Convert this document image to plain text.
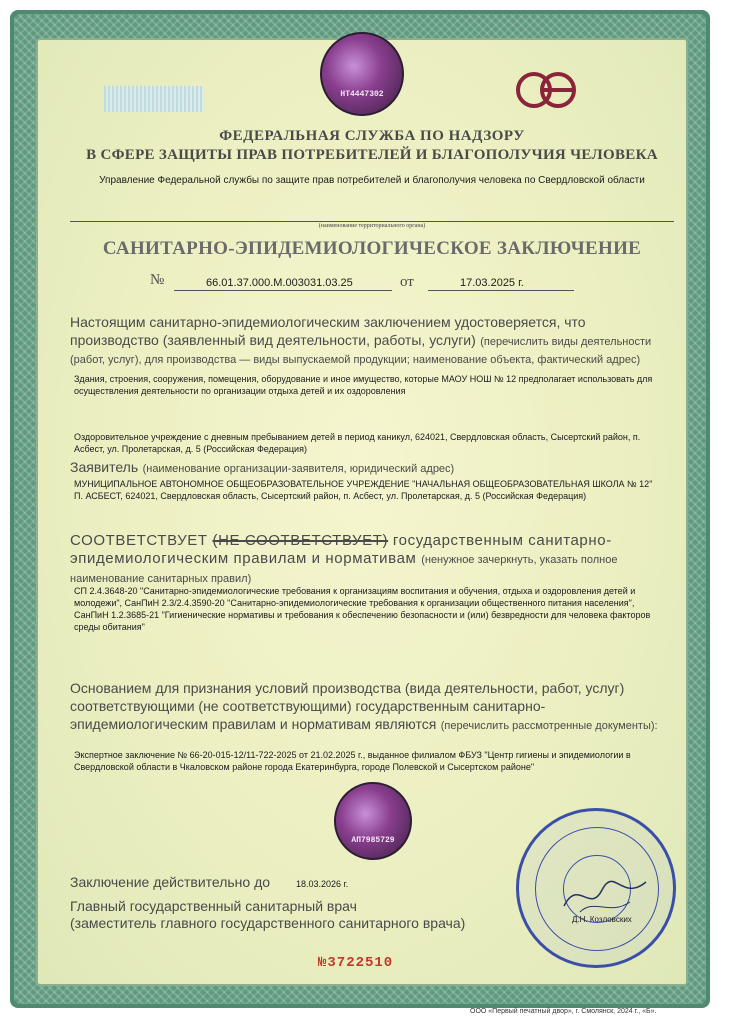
НТ4447302
ФЕДЕРАЛЬНАЯ СЛУЖБА ПО НАДЗОРУ
В СФЕРЕ ЗАЩИТЫ ПРАВ ПОТРЕБИТЕЛЕЙ И БЛАГОПОЛУЧИЯ ЧЕЛОВЕКА
Управление Федеральной службы по защите прав потребителей и благополучия человека по Свердловской области
(наименование территориального органа)
САНИТАРНО-ЭПИДЕМИОЛОГИЧЕСКОЕ ЗАКЛЮЧЕНИЕ
№	66.01.37.000.М.003031.03.25	от	17.03.2025 г.
Настоящим санитарно-эпидемиологическим заключением удостоверяется, что производство (заявленный вид деятельности, работы, услуги) (перечислить виды деятельности (работ, услуг), для производства — виды выпускаемой продукции; наименование объекта, фактический адрес)
Здания, строения, сооружения, помещения, оборудование и иное имущество, которые МАОУ НОШ № 12 предполагает использовать для осуществления деятельности по организации отдыха детей и их оздоровления
Оздоровительное учреждение с дневным пребыванием детей в период каникул, 624021, Свердловская область, Сысертский район, п. Асбест, ул. Пролетарская, д. 5 (Российская Федерация)
Заявитель (наименование организации-заявителя, юридический адрес)
МУНИЦИПАЛЬНОЕ АВТОНОМНОЕ ОБЩЕОБРАЗОВАТЕЛЬНОЕ УЧРЕЖДЕНИЕ "НАЧАЛЬНАЯ ОБЩЕОБРАЗОВАТЕЛЬНАЯ ШКОЛА № 12" П. АСБЕСТ, 624021, Свердловская область, Сысертский район, п. Асбест, ул. Пролетарская, д. 5 (Российская Федерация)
СООТВЕТСТВУЕТ (НЕ СООТВЕТСТВУЕТ) государственным санитарно-эпидемиологическим правилам и нормативам (ненужное зачеркнуть, указать полное наименование санитарных правил)
СП 2.4.3648-20 "Санитарно-эпидемиологические требования к организациям воспитания и обучения, отдыха и оздоровления детей и молодежи", СанПиН 2.3/2.4.3590-20 "Санитарно-эпидемиологические требования к организации общественного питания населения", СанПиН 1.2.3685-21 "Гигиенические нормативы и требования к обеспечению безопасности и (или) безвредности для человека факторов среды обитания"
АП7985729
Основанием для признания условий производства (вида деятельности, работ, услуг) соответствующими (не соответствующими) государственным санитарно-эпидемиологическим правилам и нормативам являются (перечислить рассмотренные документы):
Экспертное заключение № 66-20-015-12/11-722-2025 от 21.02.2025 г., выданное филиалом ФБУЗ "Центр гигиены и эпидемиологии в Свердловской области в Чкаловском районе города Екатеринбурга, городе Полевской и Сысертском районе"
Заключение действительно до	18.03.2026 г.
Главный государственный санитарный врач
(заместитель главного государственного санитарного врача)	Д.Н. Козловских
№3722510
ООО «Первый печатный двор», г. Смолянск, 2024 г., «Б».
